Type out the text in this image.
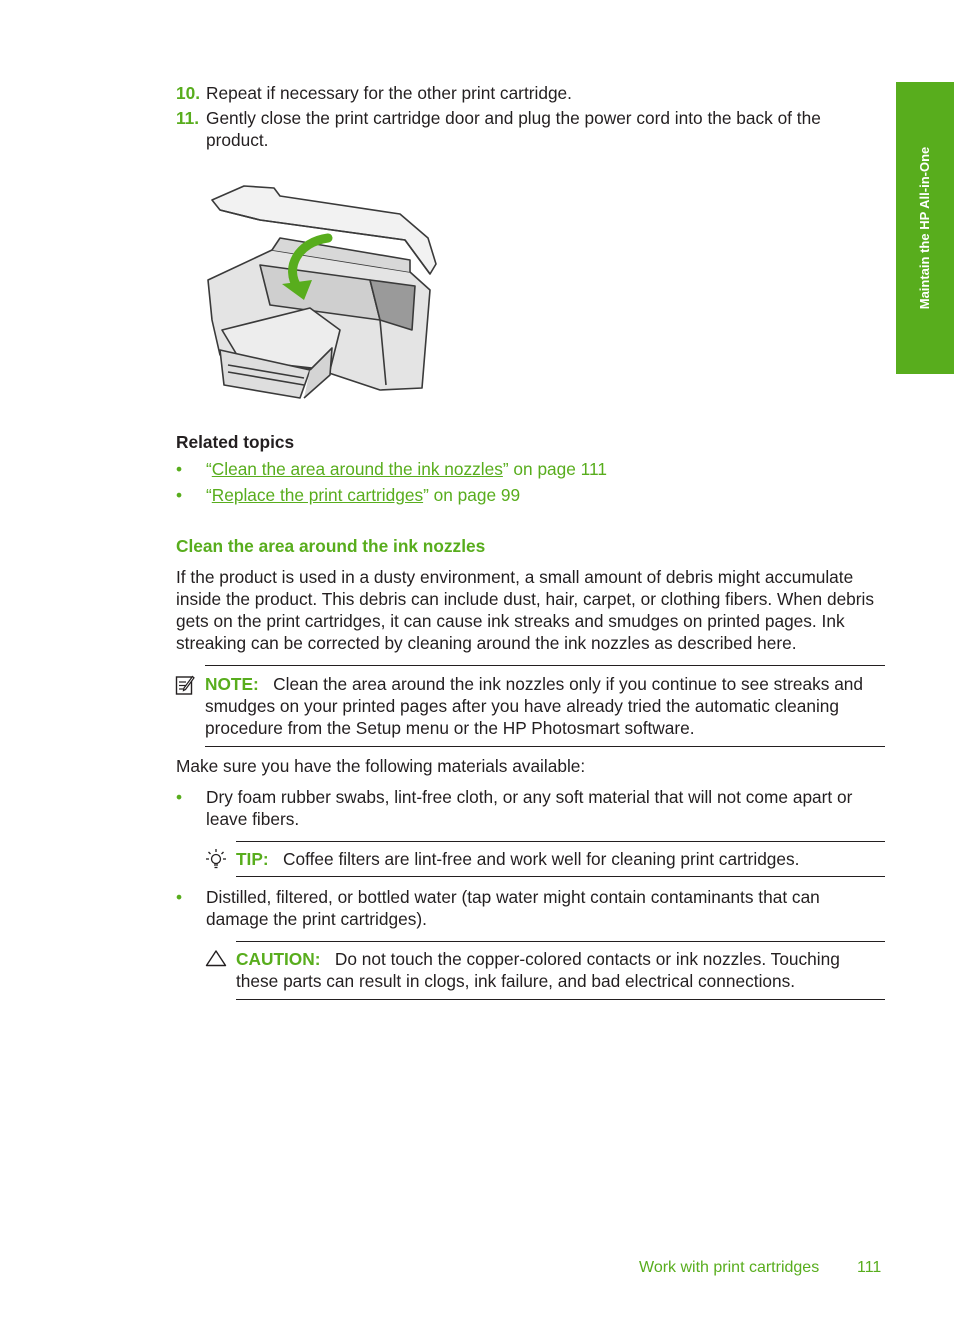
Maintain the HP All-in-One
10. Repeat if necessary for the other print cartridge.
11. Gently close the print cartridge door and plug the power cord into the back of the product.
Related topics
• “Clean the area around the ink nozzles” on page 111
• “Replace the print cartridges” on page 99
Clean the area around the ink nozzles
If the product is used in a dusty environment, a small amount of debris might accumulate inside the product. This debris can include dust, hair, carpet, or clothing fibers. When debris gets on the print cartridges, it can cause ink streaks and smudges on printed pages. Ink streaking can be corrected by cleaning around the ink nozzles as described here.
NOTE: Clean the area around the ink nozzles only if you continue to see streaks and smudges on your printed pages after you have already tried the automatic cleaning procedure from the Setup menu or the HP Photosmart software.
Make sure you have the following materials available:
• Dry foam rubber swabs, lint-free cloth, or any soft material that will not come apart or leave fibers.
TIP: Coffee filters are lint-free and work well for cleaning print cartridges.
• Distilled, filtered, or bottled water (tap water might contain contaminants that can damage the print cartridges).
CAUTION: Do not touch the copper-colored contacts or ink nozzles. Touching these parts can result in clogs, ink failure, and bad electrical connections.
Work with print cartridges 111
